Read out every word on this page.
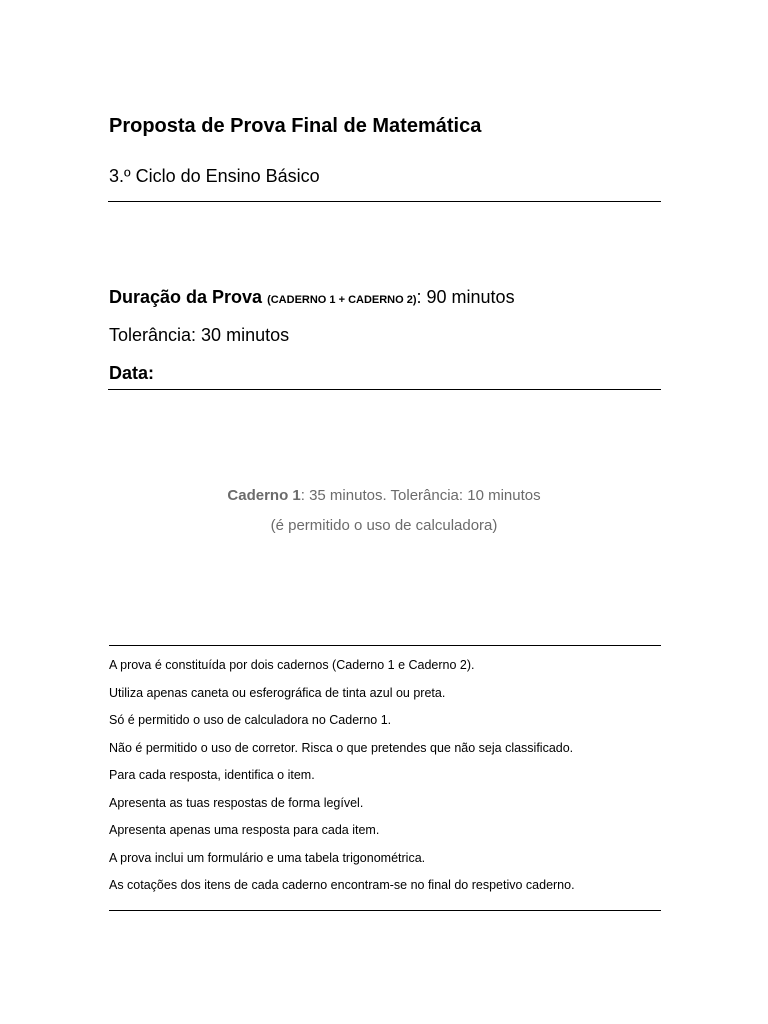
Proposta de Prova Final de Matemática
3.º Ciclo do Ensino Básico
Duração da Prova (CADERNO 1 + CADERNO 2): 90 minutos
Tolerância: 30 minutos
Data:
Caderno 1: 35 minutos. Tolerância: 10 minutos
(é permitido o uso de calculadora)
A prova é constituída por dois cadernos (Caderno 1 e Caderno 2).
Utiliza apenas caneta ou esferográfica de tinta azul ou preta.
Só é permitido o uso de calculadora no Caderno 1.
Não é permitido o uso de corretor. Risca o que pretendes que não seja classificado.
Para cada resposta, identifica o item.
Apresenta as tuas respostas de forma legível.
Apresenta apenas uma resposta para cada item.
A prova inclui um formulário e uma tabela trigonométrica.
As cotações dos itens de cada caderno encontram-se no final do respetivo caderno.
